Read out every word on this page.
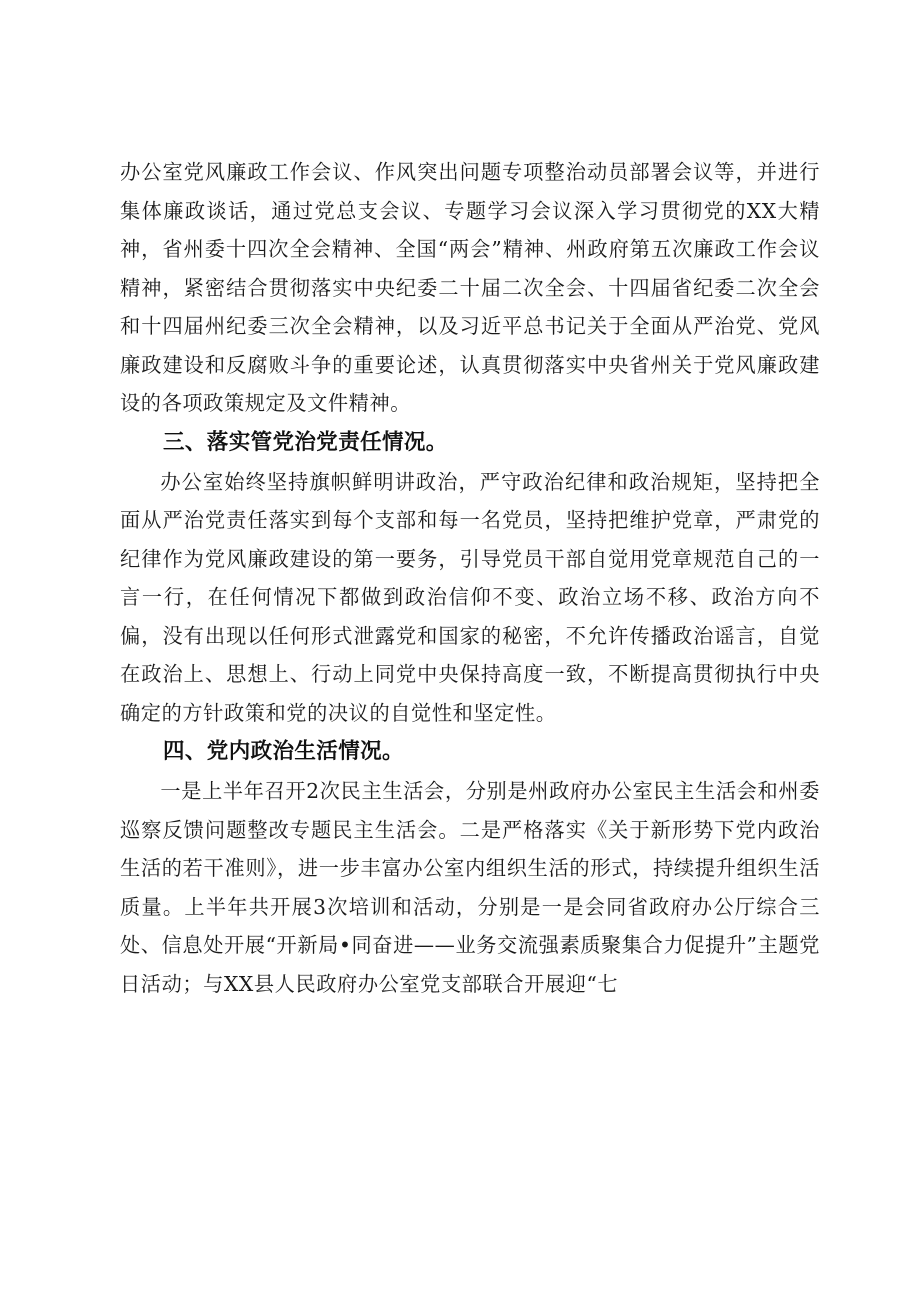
办公室党风廉政工作会议、作风突出问题专项整治动员部署会议等，并进行集体廉政谈话，通过党总支会议、专题学习会议深入学习贯彻党的XX大精神，省州委十四次全会精神、全国“两会”精神、州政府第五次廉政工作会议精神，紧密结合贯彻落实中央纪委二十届二次全会、十四届省纪委二次全会和十四届州纪委三次全会精神，以及习近平总书记关于全面从严治党、党风廉政建设和反腐败斗争的重要论述，认真贯彻落实中央省州关于党风廉政建设的各项政策规定及文件精神。

三、落实管党治党责任情况。

办公室始终坚持旗帜鲜明讲政治，严守政治纪律和政治规矩，坚持把全面从严治党责任落实到每个支部和每一名党员，坚持把维护党章，严肃党的纪律作为党风廉政建设的第一要务，引导党员干部自觉用党章规范自己的一言一行，在任何情况下都做到政治信仰不变、政治立场不移、政治方向不偏，没有出现以任何形式泄露党和国家的秘密，不允许传播政治谣言，自觉在政治上、思想上、行动上同党中央保持高度一致，不断提高贯彻执行中央确定的方针政策和党的决议的自觉性和坚定性。

四、党内政治生活情况。

一是上半年召开2次民主生活会，分别是州政府办公室民主生活会和州委巡察反馈问题整改专题民主生活会。二是严格落实《关于新形势下党内政治生活的若干准则》，进一步丰富办公室内组织生活的形式，持续提升组织生活质量。上半年共开展3次培训和活动，分别是一是会同省政府办公厅综合三处、信息处开展“开新局•同奋进——业务交流强素质聚集合力促提升”主题党日活动；与XX县人民政府办公室党支部联合开展迎“七
